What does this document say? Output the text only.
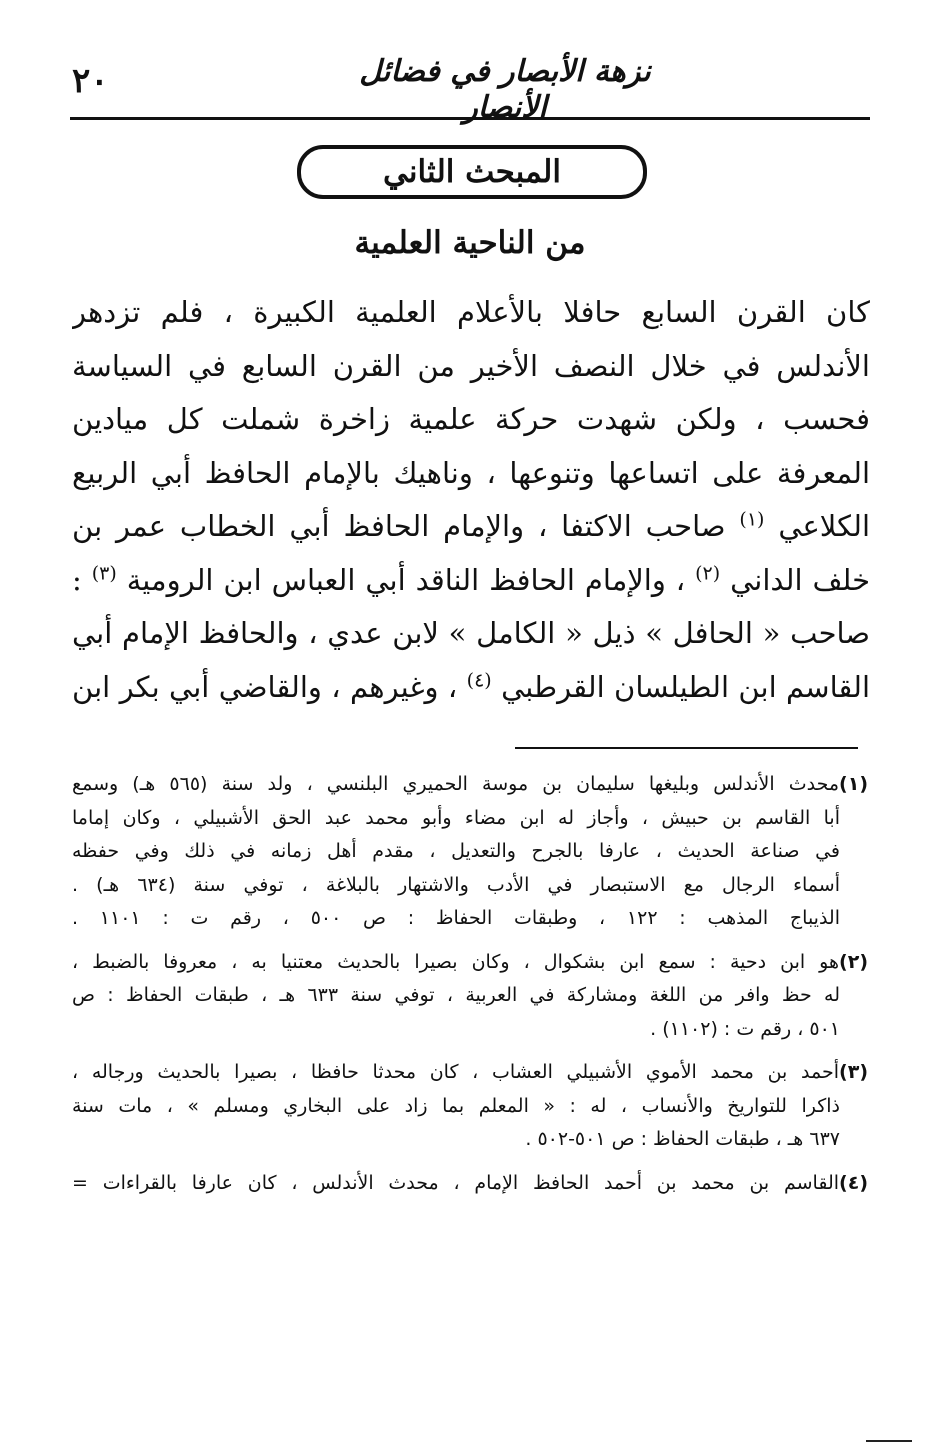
٢٠	نزهة الأبصار في فضائل الأنصار
المبحث الثاني
من الناحية العلمية
كان القرن السابع حافلا بالأعلام العلمية الكبيرة ، فلم تزدهر
الأندلس في خلال النصف الأخير من القرن السابع في السياسة
فحسب ، ولكن شهدت حركة علمية زاخرة شملت كل ميادين
المعرفة على اتساعها وتنوعها ، وناهيك بالإمام الحافظ أبي الربيع
الكلاعي $^{(١)}$ صاحب الاكتفا ، والإمام الحافظ أبي الخطاب عمر بن
خلف الداني $^{(٢)}$ ، والإمام الحافظ الناقد أبي العباس ابن الرومية $^{(٣)}$ :
صاحب « الحافل » ذيل « الكامل » لابن عدي ، والحافظ الإمام أبي
القاسم ابن الطيلسان القرطبي $^{(٤)}$ ، وغيرهم ، والقاضي أبي بكر ابن

(١)محدث الأندلس وبليغها سليمان بن موسة الحميري البلنسي ، ولد سنة (٥٦٥ هـ) وسمع
أبا القاسم بن حبيش ، وأجاز له ابن مضاء وأبو محمد عبد الحق الأشبيلي ، وكان إماما
في صناعة الحديث ، عارفا بالجرح والتعديل ، مقدم أهل زمانه في ذلك وفي حفظه
أسماء الرجال مع الاستبصار في الأدب والاشتهار بالبلاغة ، توفي سنة (٦٣٤ هـ) .
الذيباج المذهب : ١٢٢ ، وطبقات الحفاظ : ص ٥٠٠ ، رقم ت : ١١٠١ .

(٢)هو ابن دحية : سمع ابن بشكوال ، وكان بصيرا بالحديث معتنيا به ، معروفا بالضبط ،
له حظ وافر من اللغة ومشاركة في العربية ، توفي سنة ٦٣٣ هـ ، طبقات الحفاظ : ص
٥٠١ ، رقم ت : (١١٠٢) .

(٣)أحمد بن محمد الأموي الأشبيلي العشاب ، كان محدثا حافظا ، بصيرا بالحديث ورجاله ،
ذاكرا للتواريخ والأنساب ، له : « المعلم بما زاد على البخاري ومسلم » ، مات سنة
٦٣٧ هـ ، طبقات الحفاظ : ص ٥٠١-٥٠٢ .

(٤)القاسم بن محمد بن أحمد الحافظ الإمام ، محدث الأندلس ، كان عارفا بالقراءات =
